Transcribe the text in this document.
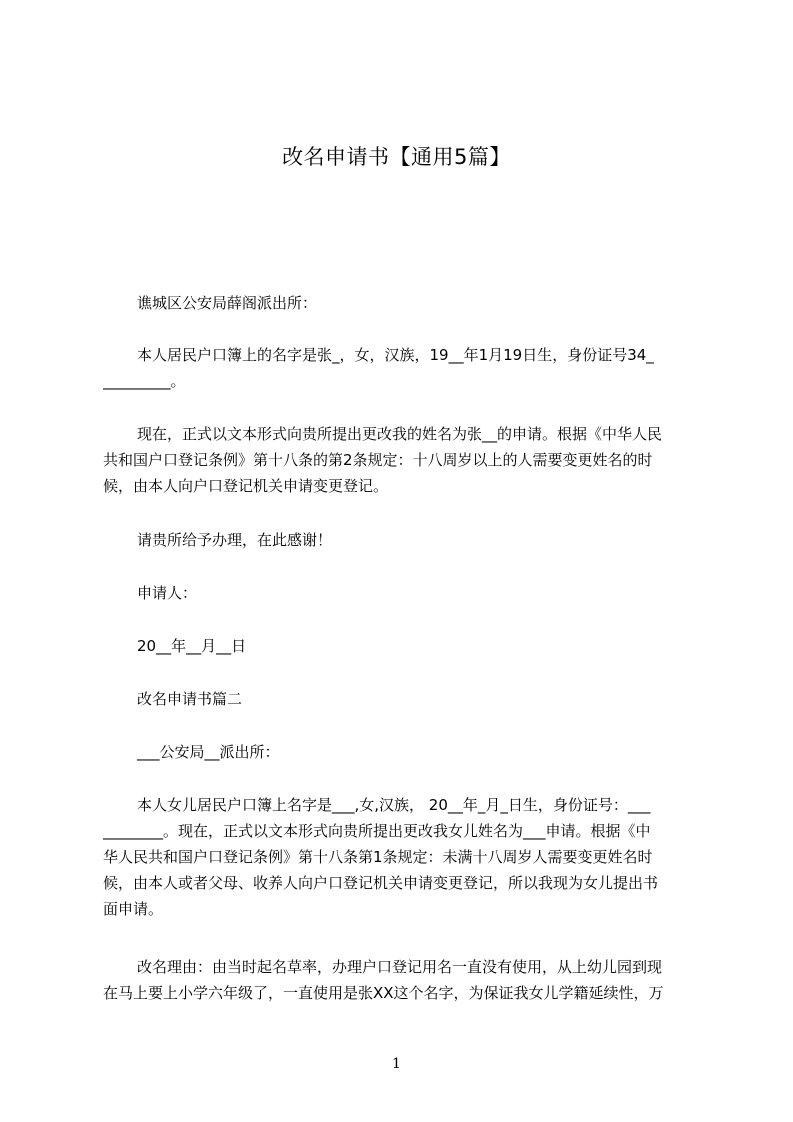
改名申请书【通用5篇】
谯城区公安局薛阁派出所：
本人居民户口簿上的名字是张_，女，汉族，19__年1月19日生，身份证号34_
_________。
现在，正式以文本形式向贵所提出更改我的姓名为张__的申请。根据《中华人民
共和国户口登记条例》第十八条的第2条规定：十八周岁以上的人需要变更姓名的时
候，由本人向户口登记机关申请变更登记。
请贵所给予办理，在此感谢！
申请人：
20__年__月__日
改名申请书篇二
___公安局__派出所：
本人女儿居民户口簿上名字是___,女,汉族， 20__年_月_日生，身份证号：___
________。现在，正式以文本形式向贵所提出更改我女儿姓名为___申请。根据《中
华人民共和国户口登记条例》第十八条第1条规定：未满十八周岁人需要变更姓名时
候，由本人或者父母、收养人向户口登记机关申请变更登记，所以我现为女儿提出书
面申请。
改名理由：由当时起名草率，办理户口登记用名一直没有使用，从上幼儿园到现
在马上要上小学六年级了，一直使用是张XX这个名字，为保证我女儿学籍延续性，万
1
